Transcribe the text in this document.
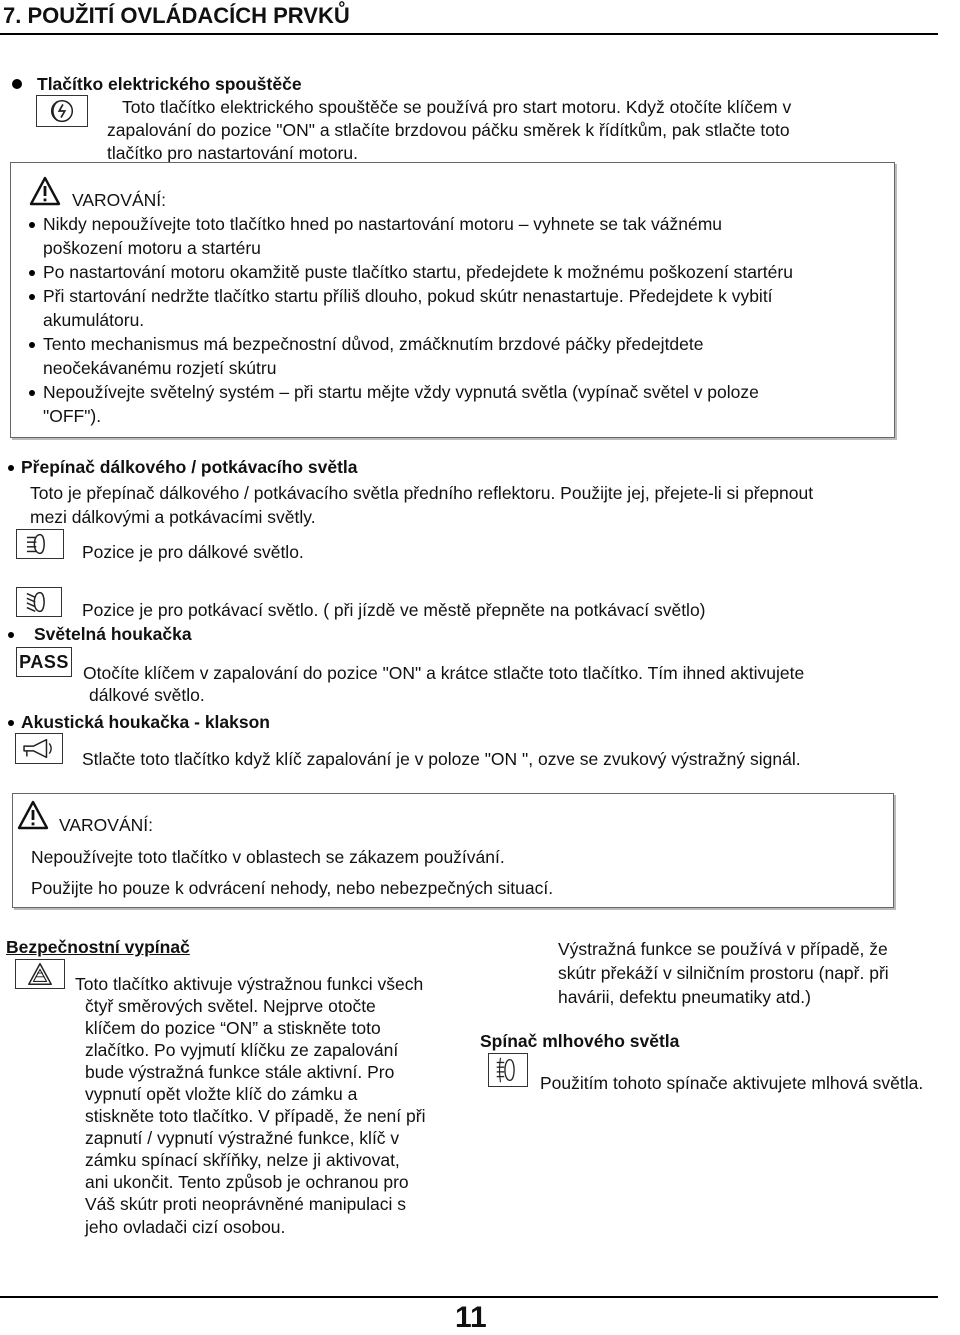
7. POUŽITÍ OVLÁDACÍCH PRVKŮ
Tlačítko elektrického spouštěče
Toto tlačítko elektrického spouštěče se používá pro start motoru. Když otočíte klíčem v
zapalování do pozice "ON" a stlačíte brzdovou páčku směrek k řídítkům, pak stlačte toto
tlačítko pro nastartování motoru.
VAROVÁNÍ:
Nikdy nepoužívejte toto tlačítko hned po nastartování motoru – vyhnete se tak vážnému
poškození motoru a startéru
Po nastartování motoru okamžitě puste tlačítko startu, předejdete k možnému poškození startéru
Při startování nedržte tlačítko startu příliš dlouho, pokud skútr nenastartuje. Předejdete k vybití
akumulátoru.
Tento mechanismus má bezpečnostní důvod, zmáčknutím brzdové páčky předejtdete
neočekávanému rozjetí skútru
Nepoužívejte světelný systém – při startu mějte vždy vypnutá světla (vypínač světel v poloze
"OFF").
Přepínač dálkového / potkávacího světla
Toto je přepínač dálkového / potkávacího světla předního reflektoru. Použijte jej, přejete-li si přepnout
mezi dálkovými a potkávacími světly.
Pozice je pro dálkové světlo.
Pozice je pro potkávací světlo. ( při jízdě ve městě přepněte na potkávací světlo)
Světelná houkačka
PASS
Otočíte klíčem v zapalování do pozice "ON" a krátce stlačte toto tlačítko. Tím ihned aktivujete
dálkové světlo.
Akustická houkačka - klakson
Stlačte toto tlačítko když klíč zapalování je v poloze "ON ", ozve se zvukový výstražný signál.
VAROVÁNÍ:
Nepoužívejte toto tlačítko v oblastech se zákazem používání.
Použijte ho pouze k odvrácení nehody, nebo nebezpečných situací.
Bezpečnostní vypínač
Toto tlačítko aktivuje výstražnou funkci všech
čtyř směrových světel. Nejprve otočte
klíčem do pozice “ON” a stiskněte toto
zlačítko. Po vyjmutí klíčku ze zapalování
bude výstražná funkce stále aktivní. Pro
vypnutí opět vložte klíč do zámku a
stiskněte toto tlačítko. V případě, že není při
zapnutí / vypnutí výstražné funkce, klíč v
zámku spínací skříňky, nelze ji aktivovat,
ani ukončit. Tento způsob je ochranou pro
Váš skútr proti neoprávněné manipulaci s
jeho ovladači cizí osobou.
Výstražná funkce se používá v případě, že
skútr překáží v silničním prostoru (např. při
havárii, defektu pneumatiky atd.)
Spínač mlhového světla
Použitím tohoto spínače aktivujete mlhová světla.
11
